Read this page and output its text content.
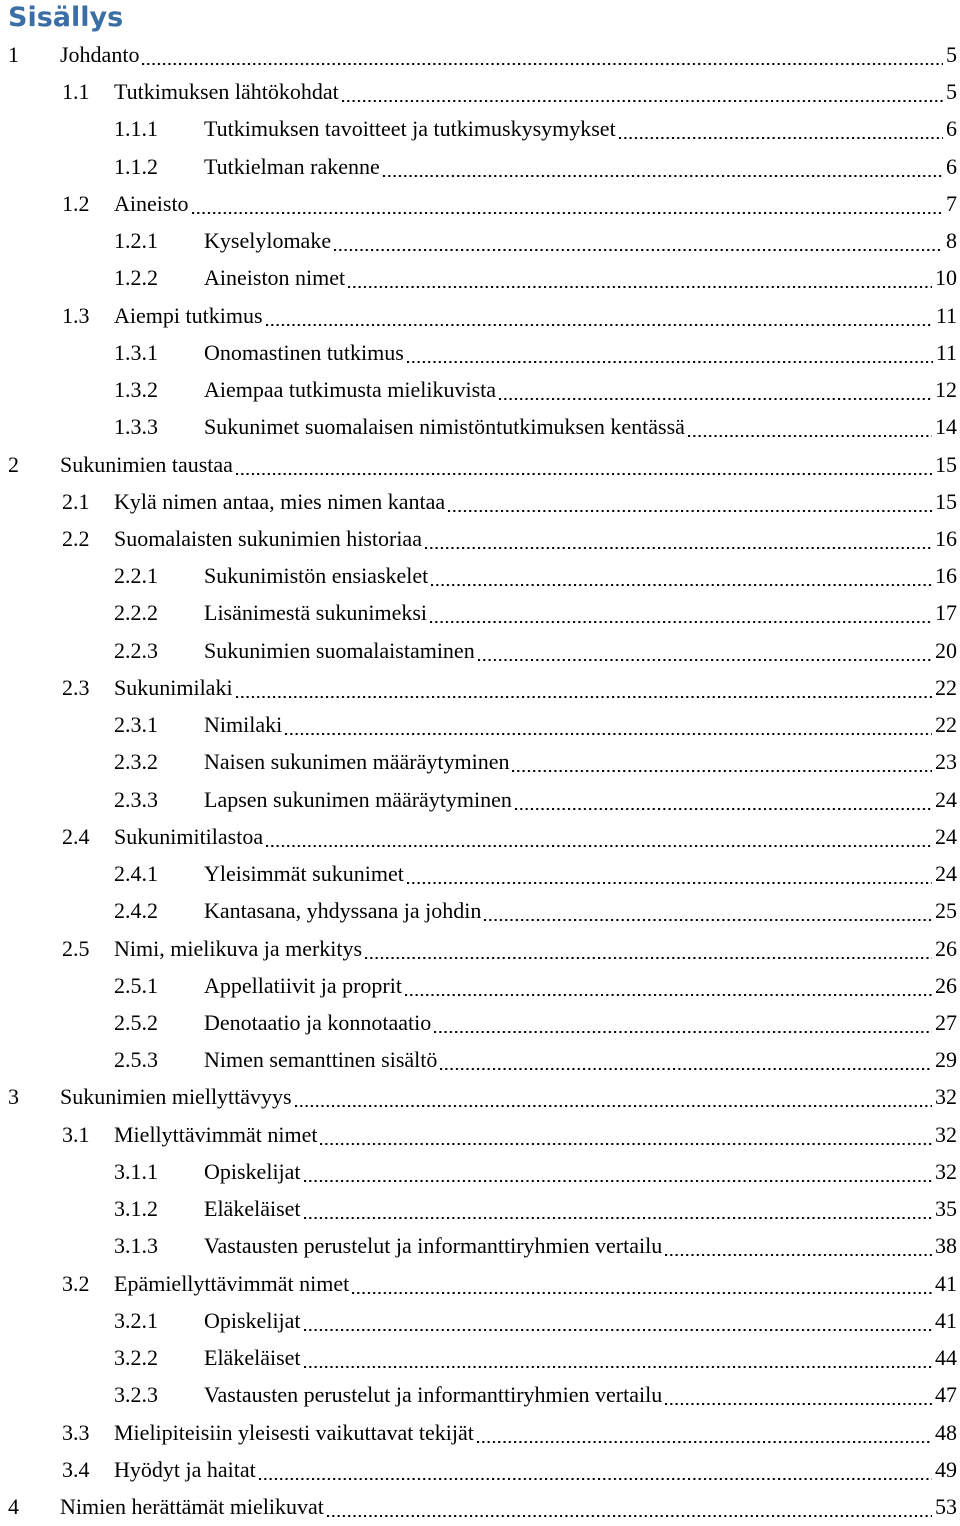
Sisällys
1 Johdanto	5
1.1 Tutkimuksen lähtökohdat	5
1.1.1 Tutkimuksen tavoitteet ja tutkimuskysymykset	6
1.1.2 Tutkielman rakenne	6
1.2 Aineisto	7
1.2.1 Kyselylomake	8
1.2.2 Aineiston nimet	10
1.3 Aiempi tutkimus	11
1.3.1 Onomastinen tutkimus	11
1.3.2 Aiempaa tutkimusta mielikuvista	12
1.3.3 Sukunimet suomalaisen nimistöntutkimuksen kentässä	14
2 Sukunimien taustaa	15
2.1 Kylä nimen antaa, mies nimen kantaa	15
2.2 Suomalaisten sukunimien historiaa	16
2.2.1 Sukunimistön ensiaskelet	16
2.2.2 Lisänimestä sukunimeksi	17
2.2.3 Sukunimien suomalaistaminen	20
2.3 Sukunimilaki	22
2.3.1 Nimilaki	22
2.3.2 Naisen sukunimen määräytyminen	23
2.3.3 Lapsen sukunimen määräytyminen	24
2.4 Sukunimitilastoa	24
2.4.1 Yleisimmät sukunimet	24
2.4.2 Kantasana, yhdyssana ja johdin	25
2.5 Nimi, mielikuva ja merkitys	26
2.5.1 Appellatiivit ja proprit	26
2.5.2 Denotaatio ja konnotaatio	27
2.5.3 Nimen semanttinen sisältö	29
3 Sukunimien miellyttävyys	32
3.1 Miellyttävimmät nimet	32
3.1.1 Opiskelijat	32
3.1.2 Eläkeläiset	35
3.1.3 Vastausten perustelut ja informanttiryhmien vertailu	38
3.2 Epämiellyttävimmät nimet	41
3.2.1 Opiskelijat	41
3.2.2 Eläkeläiset	44
3.2.3 Vastausten perustelut ja informanttiryhmien vertailu	47
3.3 Mielipiteisiin yleisesti vaikuttavat tekijät	48
3.4 Hyödyt ja haitat	49
4 Nimien herättämät mielikuvat	53
